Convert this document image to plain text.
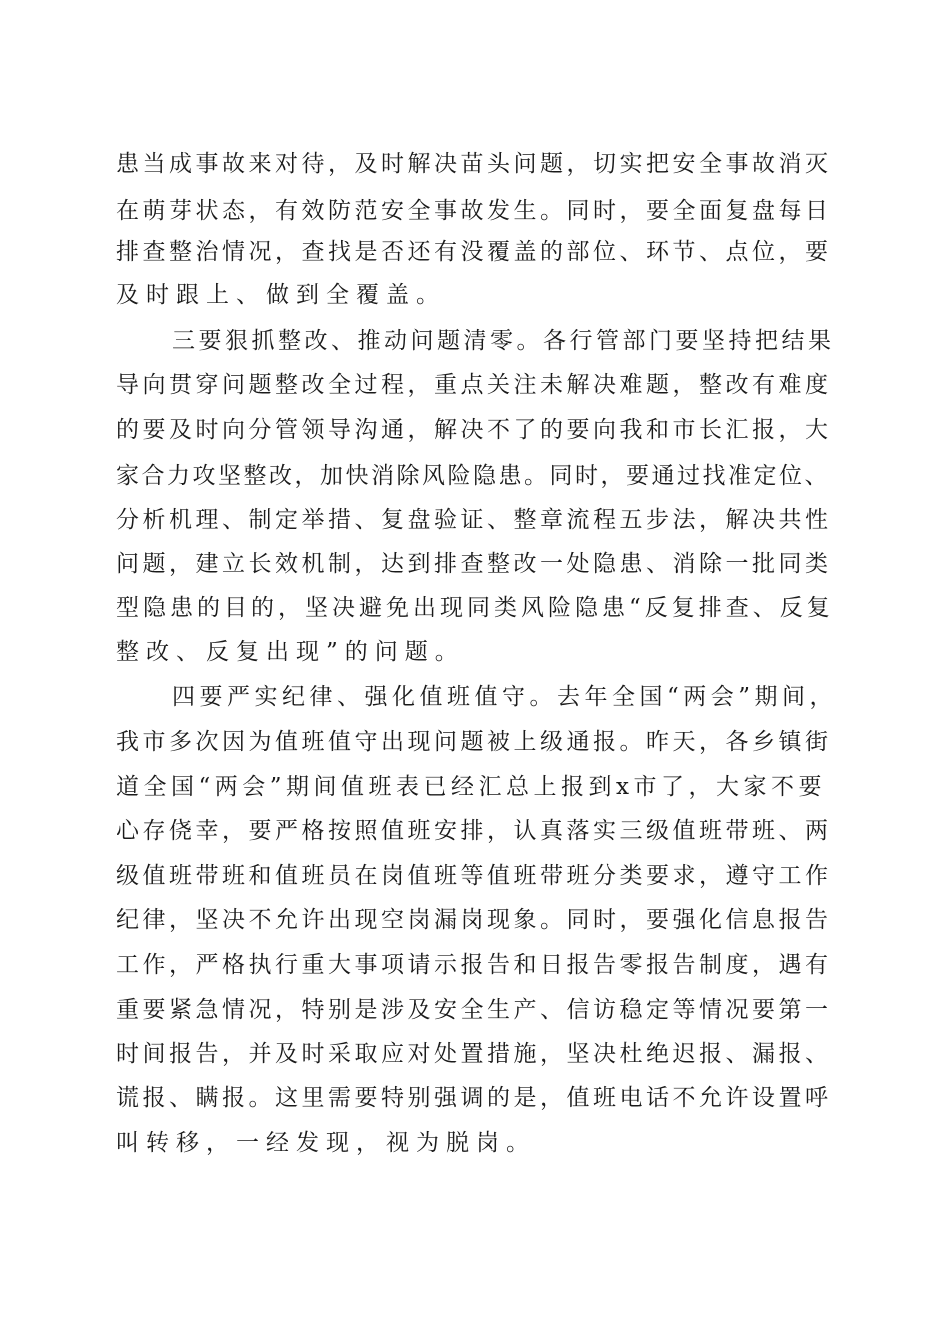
患当成事故来对待，及时解决苗头问题，切实把安全事故消灭
在萌芽状态，有效防范安全事故发生。同时，要全面复盘每日
排查整治情况，查找是否还有没覆盖的部位、环节、点位，要
及时跟上、做到全覆盖。
三要狠抓整改、推动问题清零。各行管部门要坚持把结果
导向贯穿问题整改全过程，重点关注未解决难题，整改有难度
的要及时向分管领导沟通，解决不了的要向我和市长汇报，大
家合力攻坚整改，加快消除风险隐患。同时，要通过找准定位、
分析机理、制定举措、复盘验证、整章流程五步法，解决共性
问题，建立长效机制，达到排查整改一处隐患、消除一批同类
型隐患的目的，坚决避免出现同类风险隐患“反复排查、反复
整改、反复出现”的问题。
四要严实纪律、强化值班值守。去年全国“两会”期间，
我市多次因为值班值守出现问题被上级通报。昨天，各乡镇街
道全国“两会”期间值班表已经汇总上报到x市了，大家不要
心存侥幸，要严格按照值班安排，认真落实三级值班带班、两
级值班带班和值班员在岗值班等值班带班分类要求，遵守工作
纪律，坚决不允许出现空岗漏岗现象。同时，要强化信息报告
工作，严格执行重大事项请示报告和日报告零报告制度，遇有
重要紧急情况，特别是涉及安全生产、信访稳定等情况要第一
时间报告，并及时采取应对处置措施，坚决杜绝迟报、漏报、
谎报、瞒报。这里需要特别强调的是，值班电话不允许设置呼
叫转移，一经发现，视为脱岗。
